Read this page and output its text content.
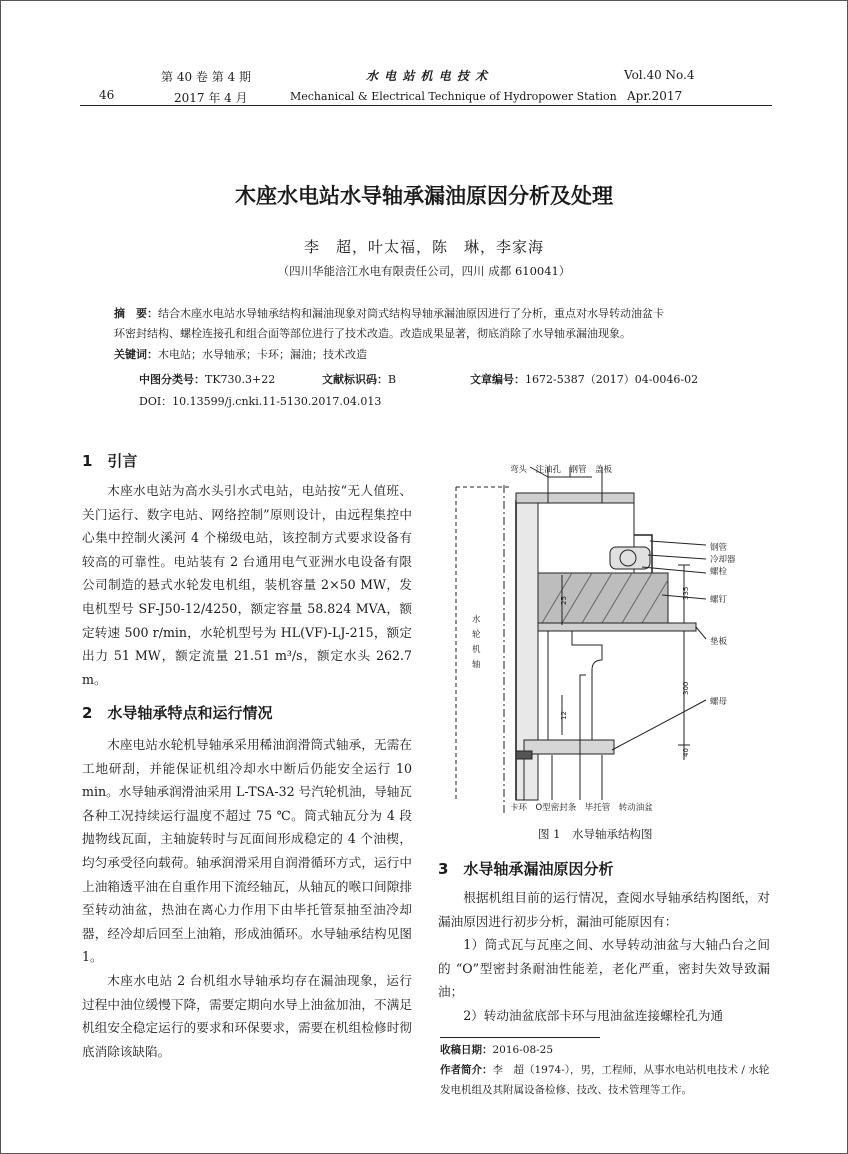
第 40 卷 第 4 期	水 电 站 机 电 技 术	Vol.40 No.4
46	2017 年 4 月	Mechanical & Electrical Technique of Hydropower Station Apr.2017
木座水电站水导轴承漏油原因分析及处理
李　超，叶太福，陈　琳，李家海
（四川华能涪江水电有限责任公司，四川 成都 610041）
摘　要：结合木座水电站水导轴承结构和漏油现象对筒式结构导轴承漏油原因进行了分析，重点对水导转动油盆卡
环密封结构、螺栓连接孔和组合面等部位进行了技术改造。改造成果显著，彻底消除了水导轴承漏油现象。
关键词：木电站；水导轴承；卡环；漏油；技术改造
中图分类号：TK730.3+22	文献标识码：B	文章编号：1672-5387（2017）04-0046-02
DOI：10.13599/j.cnki.11-5130.2017.04.013
1　引言

木座水电站为高水头引水式电站，电站按“无人值班、关门运行、数字电站、网络控制”原则设计，由远程集控中心集中控制火溪河 4 个梯级电站，该控制方式要求设备有较高的可靠性。电站装有 2 台通用电气亚洲水电设备有限公司制造的悬式水轮发电机组，装机容量 2×50 MW，发电机型号 SF-J50-12/4250，额定容量 58.824 MVA，额定转速 500 r/min，水轮机型号为 HL(VF)-LJ-215，额定出力 51 MW，额定流量 21.51 m³/s，额定水头 262.7 m。

2　水导轴承特点和运行情况

木座电站水轮机导轴承采用稀油润滑筒式轴承，无需在工地研刮，并能保证机组冷却水中断后仍能安全运行 10 min。水导轴承润滑油采用 L-TSA-32 号汽轮机油，导轴瓦各种工况持续运行温度不超过 75 ℃。筒式轴瓦分为 4 段抛物线瓦面，主轴旋转时与瓦面间形成稳定的 4 个油楔，均匀承受径向载荷。轴承润滑采用自润滑循环方式，运行中上油箱透平油在自重作用下流经轴瓦，从轴瓦的喉口间隙排至转动油盆，热油在离心力作用下由毕托管泵抽至油冷却器，经冷却后回至上油箱，形成油循环。水导轴承结构见图 1。

木座水电站 2 台机组水导轴承均存在漏油现象，运行过程中油位缓慢下降，需要定期向水导上油盆加油，不满足机组安全稳定运行的要求和环保要求，需要在机组检修时彻底消除该缺陷。

335
300
40
25
12
弯头　注油孔　钢管　盖板
水
轮
机
轴
钢管
冷却器
螺栓
螺钉
垫板
螺母
卡环　O型密封条　毕托管　转动油盆
图 1　水导轴承结构图
3　水导轴承漏油原因分析

根据机组目前的运行情况，查阅水导轴承结构图纸，对漏油原因进行初步分析，漏油可能原因有：

1）筒式瓦与瓦座之间、水导转动油盆与大轴凸台之间的 “O”型密封条耐油性能差，老化严重，密封失效导致漏油；

2）转动油盆底部卡环与甩油盆连接螺栓孔为通

收稿日期：2016-08-25
作者简介：李　超（1974-），男，工程师，从事水电站机电技术 / 水轮
发电机组及其附属设备检修、技改、技术管理等工作。
